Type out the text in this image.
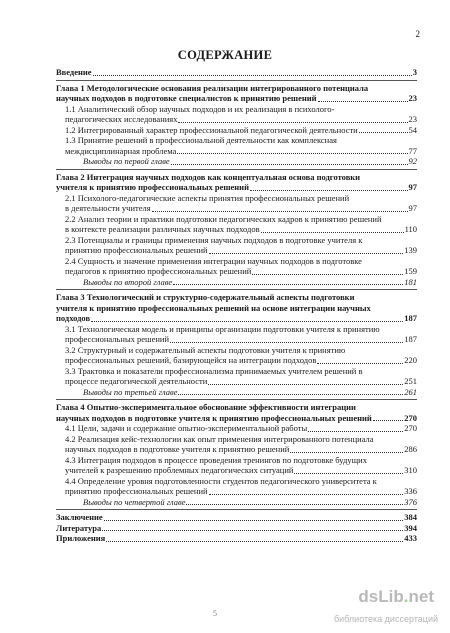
2
СОДЕРЖАНИЕ
Введение	3
Глава 1 Методологические основания реализации интегрированного потенциала
научных подходов в подготовке специалистов к принятию решений	23
1.1 Аналитический обзор научных подходов и их реализация в психолого-
педагогических исследованиях	23
1.2 Интегрированный характер профессиональной педагогической деятельности	54
1.3 Принятие решений в профессиональной деятельности как комплексная
междисциплинарная проблема	77
Выводы по первой главе	92
Глава 2 Интеграция научных подходов как концептуальная основа подготовки
учителя к принятию профессиональных решений	97
2.1 Психолого-педагогические аспекты принятия профессиональных решений
в деятельности учителя	97
2.2 Анализ теории и практики подготовки педагогических кадров к принятию решений
в контексте реализации различных научных подходов	110
2.3 Потенциалы и границы применения научных подходов в подготовке учителя к
принятию профессиональных решений	139
2.4 Сущность и значение применения интеграции научных подходов в подготовке
педагогов к принятию профессиональных решений	159
Выводы по второй главе	181
Глава 3 Технологический и структурно-содержательный аспекты подготовки
учителя к принятию профессиональных решений на основе интеграции научных
подходов	187
3.1 Технологическая модель и принципы организации подготовки учителя к принятию
профессиональных решений	187
3.2 Структурный и содержательный аспекты подготовки учителя к принятию
профессиональных решений, базирующейся на интеграции подходов	220
3.3 Трактовка и показатели профессионализма принимаемых учителем решений в
процессе педагогической деятельности	251
Выводы по третьей главе	261
Глава 4 Опытно-экспериментальное обоснование эффективности интеграции
научных подходов в подготовке учителя к принятию профессиональных решений	270
4.1 Цели, задачи и содержание опытно-экспериментальной работы	270
4.2 Реализация кейс-технологии как опыт применения интегрированного потенциала
научных подходов в подготовке учителя к принятию решений	286
4.3 Интеграция подходов в процессе проведения тренингов по подготовке будущих
учителей к разрешению проблемных педагогических ситуаций	310
4.4 Определение уровня подготовленности студентов педагогического университета к
принятию профессиональных решений	336
Выводы по четвертой главе	376
Заключение	384
Литература	394
Приложения	433
5
dsLib.net
библиотека диссертаций
